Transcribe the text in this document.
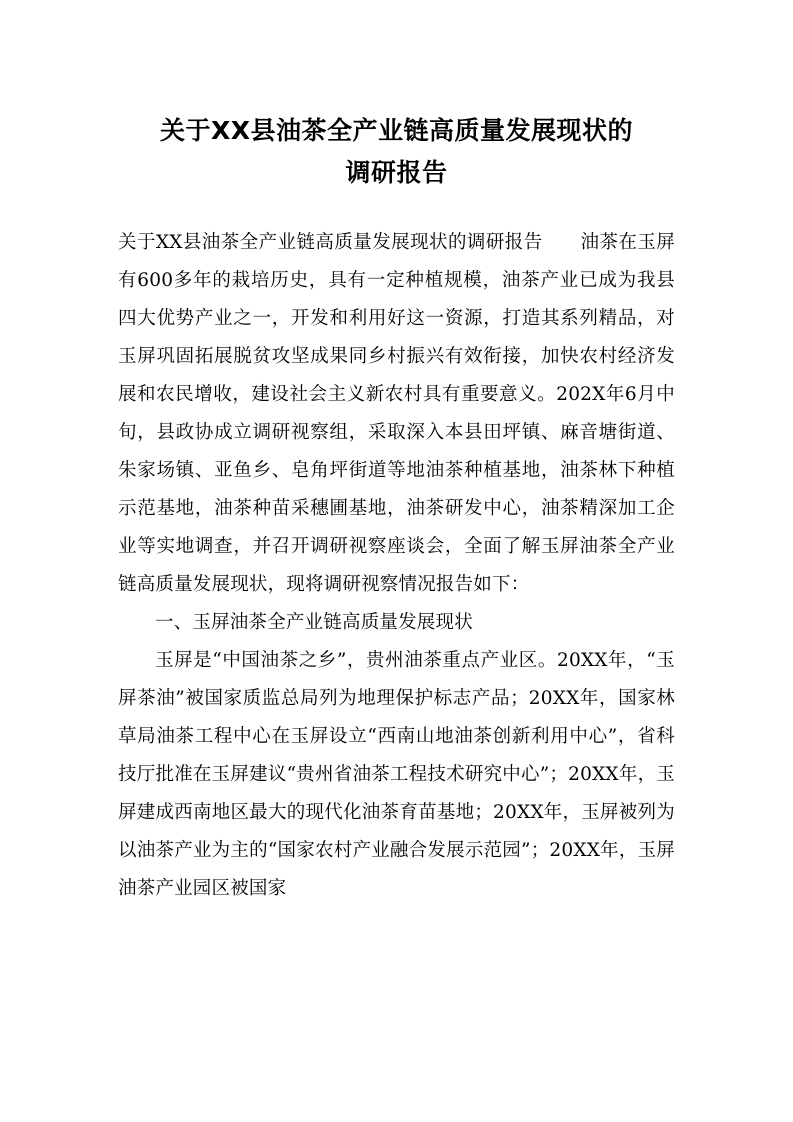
关于XX县油茶全产业链高质量发展现状的
调研报告

关于XX县油茶全产业链高质量发展现状的调研报告　　油茶在玉屏有600多年的栽培历史，具有一定种植规模，油茶产业已成为我县四大优势产业之一，开发和利用好这一资源，打造其系列精品，对玉屏巩固拓展脱贫攻坚成果同乡村振兴有效衔接，加快农村经济发展和农民增收，建设社会主义新农村具有重要意义。202X年6月中旬，县政协成立调研视察组，采取深入本县田坪镇、麻音塘街道、朱家场镇、亚鱼乡、皂角坪街道等地油茶种植基地，油茶林下种植示范基地，油茶种苗采穗圃基地，油茶研发中心，油茶精深加工企业等实地调查，并召开调研视察座谈会，全面了解玉屏油茶全产业链高质量发展现状，现将调研视察情况报告如下：

一、玉屏油茶全产业链高质量发展现状

玉屏是“中国油茶之乡”，贵州油茶重点产业区。20XX年，“玉屏茶油”被国家质监总局列为地理保护标志产品；20XX年，国家林草局油茶工程中心在玉屏设立“西南山地油茶创新利用中心”，省科技厅批准在玉屏建议“贵州省油茶工程技术研究中心”；20XX年，玉屏建成西南地区最大的现代化油茶育苗基地；20XX年，玉屏被列为以油茶产业为主的“国家农村产业融合发展示范园”；20XX年，玉屏油茶产业园区被国家
